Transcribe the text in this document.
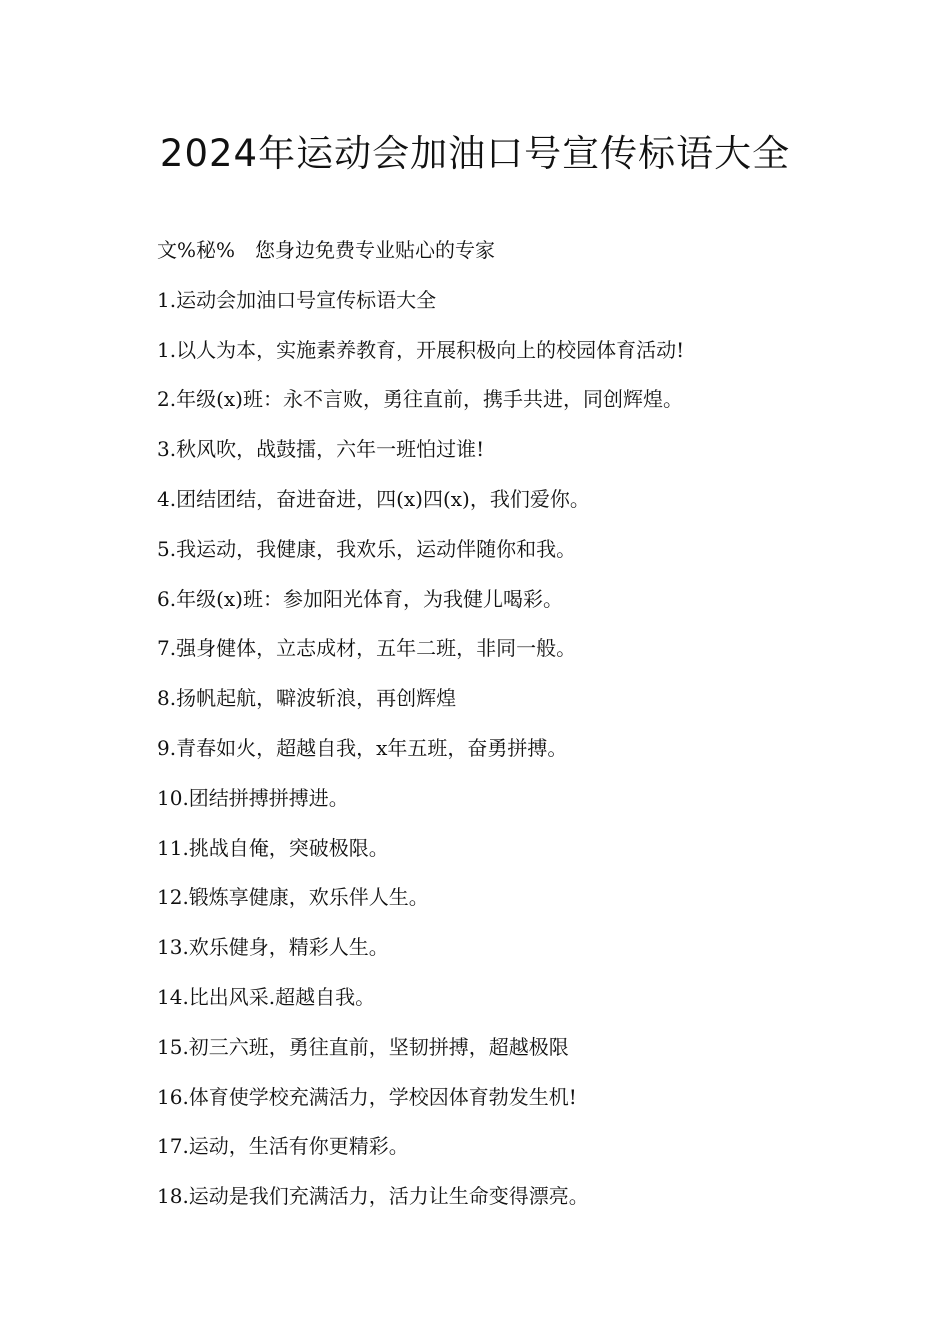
2024年运动会加油口号宣传标语大全
文%秘%　您身边免费专业贴心的专家
1.运动会加油口号宣传标语大全
1.以人为本，实施素养教育，开展积极向上的校园体育活动!
2.年级(x)班：永不言败，勇往直前，携手共进，同创辉煌。
3.秋风吹，战鼓擂，六年一班怕过谁!
4.团结团结，奋进奋进，四(x)四(x)，我们爱你。
5.我运动，我健康，我欢乐，运动伴随你和我。
6.年级(x)班：参加阳光体育，为我健儿喝彩。
7.强身健体，立志成材，五年二班，非同一般。
8.扬帆起航，噼波斩浪，再创辉煌
9.青春如火，超越自我，x年五班，奋勇拼搏。
10.团结拼搏拼搏进。
11.挑战自俺，突破极限。
12.锻炼享健康，欢乐伴人生。
13.欢乐健身，精彩人生。
14.比出风采.超越自我。
15.初三六班，勇往直前，坚韧拼搏，超越极限
16.体育使学校充满活力，学校因体育勃发生机!
17.运动，生活有你更精彩。
18.运动是我们充满活力，活力让生命变得漂亮。
